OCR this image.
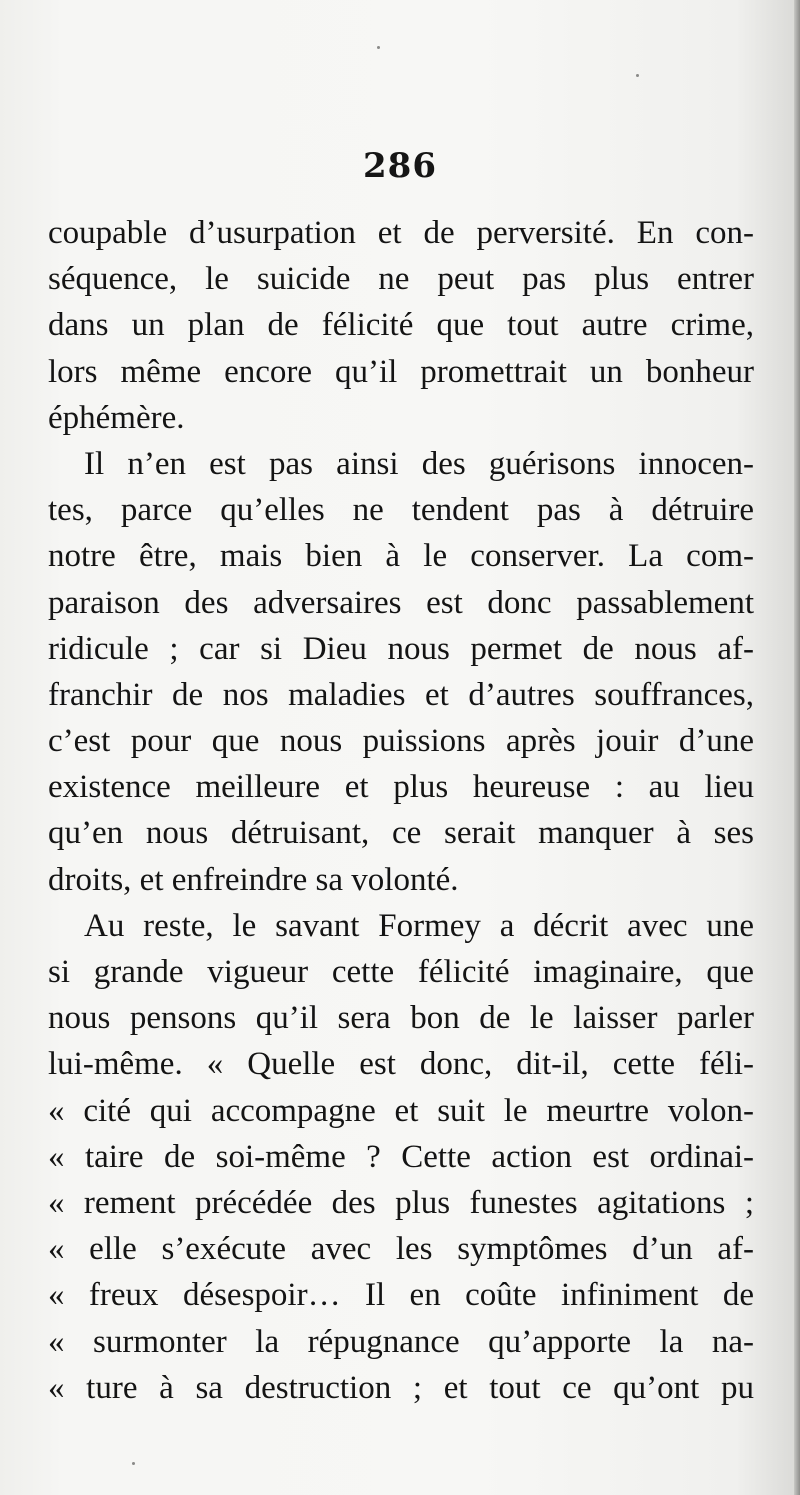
286
coupable d’usurpation et de perversité. En con-
séquence, le suicide ne peut pas plus entrer
dans un plan de félicité que tout autre crime,
lors même encore qu’il promettrait un bonheur
éphémère.
Il n’en est pas ainsi des guérisons innocen-
tes, parce qu’elles ne tendent pas à détruire
notre être, mais bien à le conserver. La com-
paraison des adversaires est donc passablement
ridicule ; car si Dieu nous permet de nous af-
franchir de nos maladies et d’autres souffrances,
c’est pour que nous puissions après jouir d’une
existence meilleure et plus heureuse : au lieu
qu’en nous détruisant, ce serait manquer à ses
droits, et enfreindre sa volonté.
Au reste, le savant Formey a décrit avec une
si grande vigueur cette félicité imaginaire, que
nous pensons qu’il sera bon de le laisser parler
lui-même. « Quelle est donc, dit-il, cette féli-
« cité qui accompagne et suit le meurtre volon-
« taire de soi-même ? Cette action est ordinai-
« rement précédée des plus funestes agitations ;
« elle s’exécute avec les symptômes d’un af-
« freux désespoir… Il en coûte infiniment de
« surmonter la répugnance qu’apporte la na-
« ture à sa destruction ; et tout ce qu’ont pu
